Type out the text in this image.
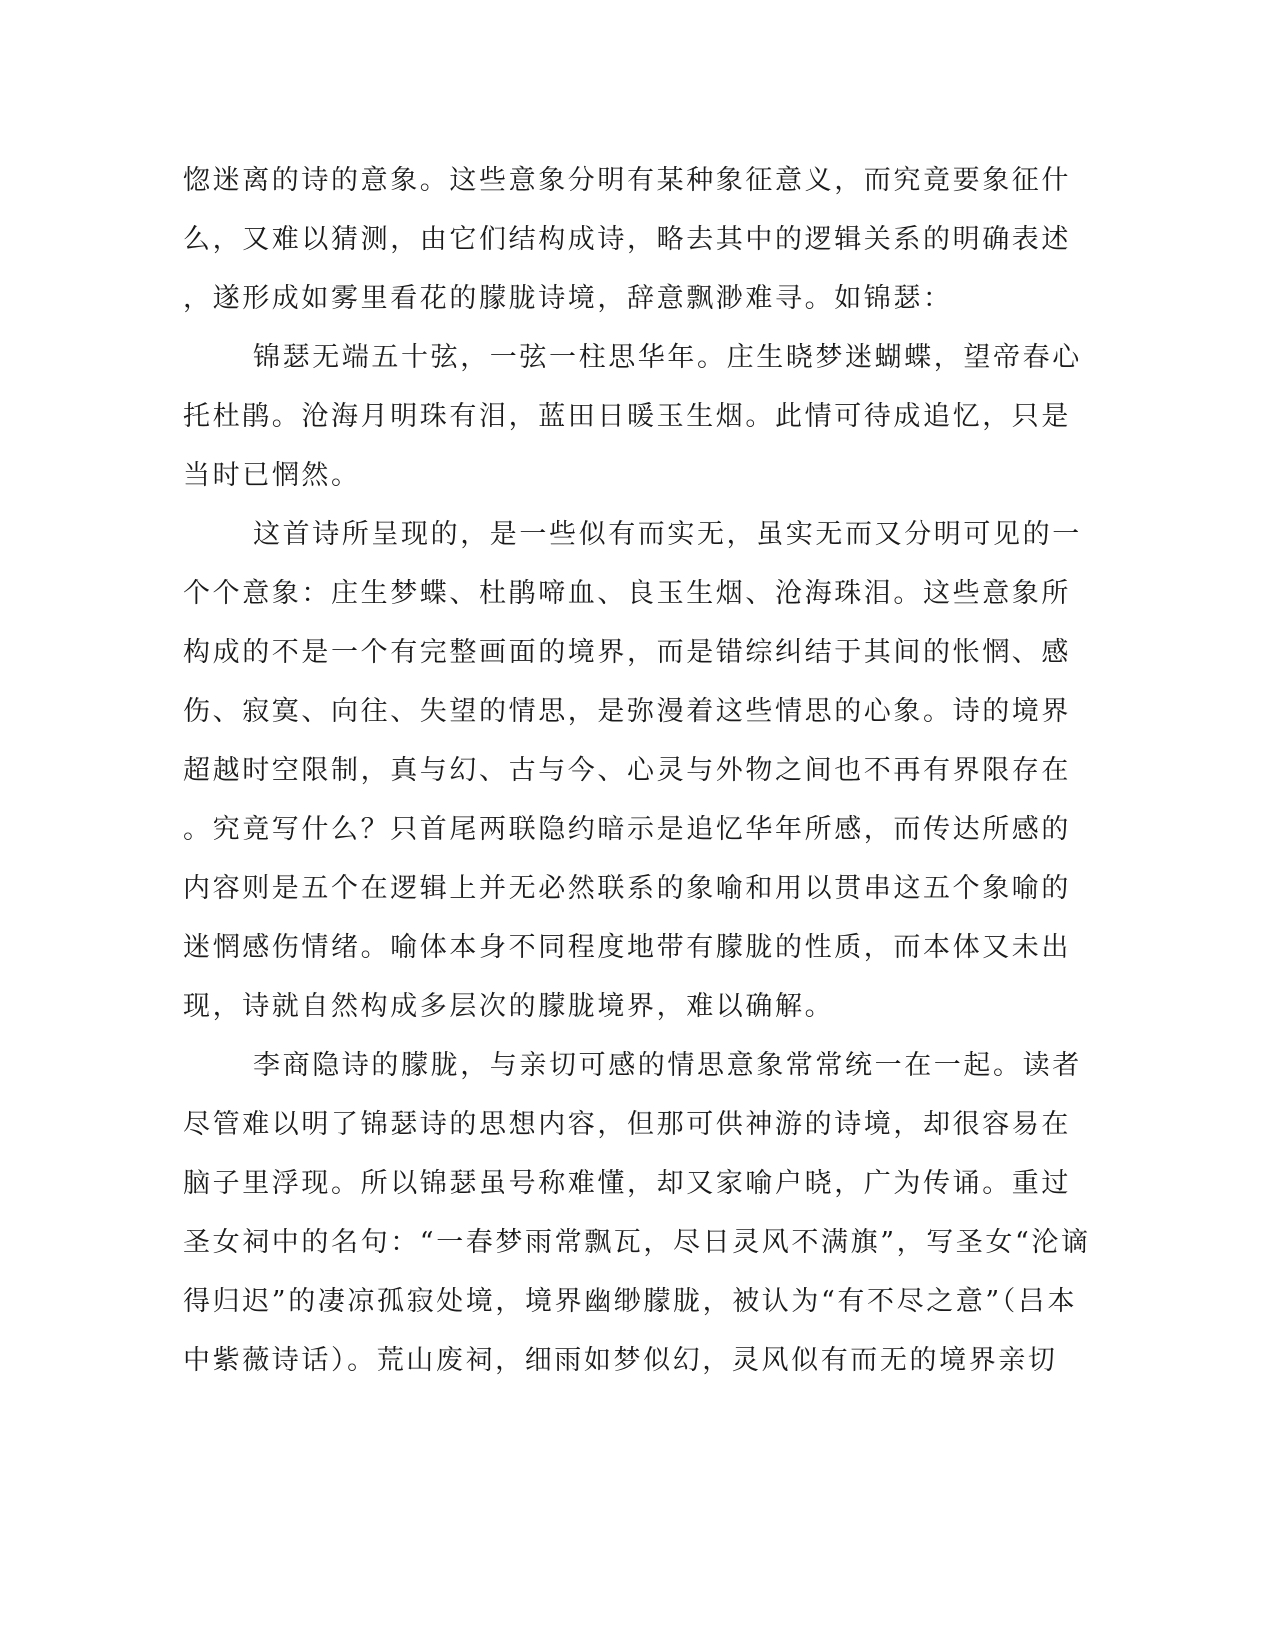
惚迷离的诗的意象。这些意象分明有某种象征意义，而究竟要象征什
么，又难以猜测，由它们结构成诗，略去其中的逻辑关系的明确表述
，遂形成如雾里看花的朦胧诗境，辞意飘渺难寻。如锦瑟：
锦瑟无端五十弦，一弦一柱思华年。庄生晓梦迷蝴蝶，望帝春心
托杜鹃。沧海月明珠有泪，蓝田日暖玉生烟。此情可待成追忆，只是
当时已惘然。
这首诗所呈现的，是一些似有而实无，虽实无而又分明可见的一
个个意象：庄生梦蝶、杜鹃啼血、良玉生烟、沧海珠泪。这些意象所
构成的不是一个有完整画面的境界，而是错综纠结于其间的怅惘、感
伤、寂寞、向往、失望的情思，是弥漫着这些情思的心象。诗的境界
超越时空限制，真与幻、古与今、心灵与外物之间也不再有界限存在
。究竟写什么？只首尾两联隐约暗示是追忆华年所感，而传达所感的
内容则是五个在逻辑上并无必然联系的象喻和用以贯串这五个象喻的
迷惘感伤情绪。喻体本身不同程度地带有朦胧的性质，而本体又未出
现，诗就自然构成多层次的朦胧境界，难以确解。
李商隐诗的朦胧，与亲切可感的情思意象常常统一在一起。读者
尽管难以明了锦瑟诗的思想内容，但那可供神游的诗境，却很容易在
脑子里浮现。所以锦瑟虽号称难懂，却又家喻户晓，广为传诵。重过
圣女祠中的名句：“一春梦雨常飘瓦，尽日灵风不满旗”，写圣女“沦谪
得归迟”的凄凉孤寂处境，境界幽缈朦胧，被认为“有不尽之意”（吕本
中紫薇诗话）。荒山废祠，细雨如梦似幻，灵风似有而无的境界亲切
